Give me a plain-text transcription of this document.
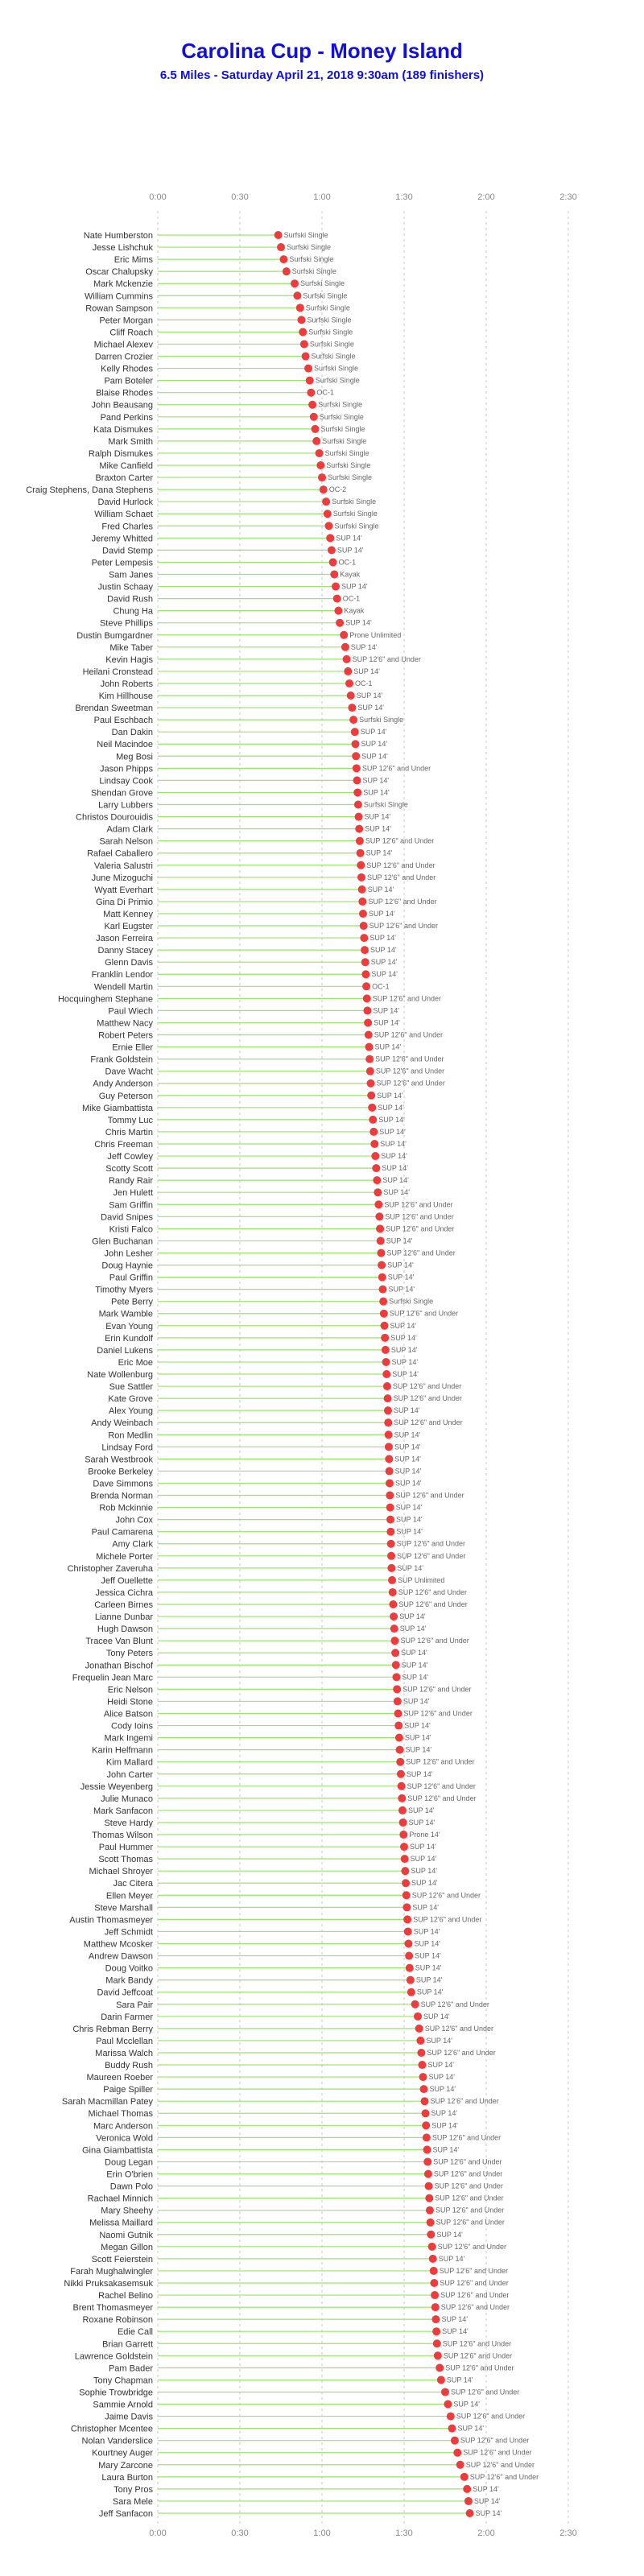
Carolina Cup - Money Island
6.5 Miles - Saturday April 21, 2018 9:30am (189 finishers)
0:00	0:30	1:00	1:30	2:00	2:30
0:00	0:30	1:00	1:30	2:00	2:30
Nate Humberston	Surfski Single
Jesse Lishchuk	Surfski Single
Eric Mims	Surfski Single
Oscar Chalupsky	Surfski Single
Mark Mckenzie	Surfski Single
William Cummins	Surfski Single
Rowan Sampson	Surfski Single
Peter Morgan	Surfski Single
Cliff Roach	Surfski Single
Michael Alexev	Surfski Single
Darren Crozier	Surfski Single
Kelly Rhodes	Surfski Single
Pam Boteler	Surfski Single
Blaise Rhodes	OC-1
John Beausang	Surfski Single
Pand Perkins	Surfski Single
Kata Dismukes	Surfski Single
Mark Smith	Surfski Single
Ralph Dismukes	Surfski Single
Mike Canfield	Surfski Single
Braxton Carter	Surfski Single
Craig Stephens, Dana Stephens	OC-2
David Hurlock	Surfski Single
William Schaet	Surfski Single
Fred Charles	Surfski Single
Jeremy Whitted	SUP 14'
David Stemp	SUP 14'
Peter Lempesis	OC-1
Sam Janes	Kayak
Justin Schaay	SUP 14'
David Rush	OC-1
Chung Ha	Kayak
Steve Phillips	SUP 14'
Dustin Bumgardner	Prone Unlimited
Mike Taber	SUP 14'
Kevin Hagis	SUP 12'6" and Under
Heilani Cronstead	SUP 14'
John Roberts	OC-1
Kim Hillhouse	SUP 14'
Brendan Sweetman	SUP 14'
Paul Eschbach	Surfski Single
Dan Dakin	SUP 14'
Neil Macindoe	SUP 14'
Meg Bosi	SUP 14'
Jason Phipps	SUP 12'6" and Under
Lindsay Cook	SUP 14'
Shendan Grove	SUP 14'
Larry Lubbers	Surfski Single
Christos Dourouidis	SUP 14'
Adam Clark	SUP 14'
Sarah Nelson	SUP 12'6" and Under
Rafael Caballero	SUP 14'
Valeria Salustri	SUP 12'6" and Under
June Mizoguchi	SUP 12'6" and Under
Wyatt Everhart	SUP 14'
Gina Di Primio	SUP 12'6" and Under
Matt Kenney	SUP 14'
Karl Eugster	SUP 12'6" and Under
Jason Ferreira	SUP 14'
Danny Stacey	SUP 14'
Glenn Davis	SUP 14'
Franklin Lendor	SUP 14'
Wendell Martin	OC-1
Hocquinghem Stephane	SUP 12'6" and Under
Paul Wiech	SUP 14'
Matthew Nacy	SUP 14'
Robert Peters	SUP 12'6" and Under
Ernie Eller	SUP 14'
Frank Goldstein	SUP 12'6" and Under
Dave Wacht	SUP 12'6" and Under
Andy Anderson	SUP 12'6" and Under
Guy Peterson	SUP 14'
Mike Giambattista	SUP 14'
Tommy Luc	SUP 14'
Chris Martin	SUP 14'
Chris Freeman	SUP 14'
Jeff Cowley	SUP 14'
Scotty Scott	SUP 14'
Randy Rair	SUP 14'
Jen Hulett	SUP 14'
Sam Griffin	SUP 12'6" and Under
David Snipes	SUP 12'6" and Under
Kristi Falco	SUP 12'6" and Under
Glen Buchanan	SUP 14'
John Lesher	SUP 12'6" and Under
Doug Haynie	SUP 14'
Paul Griffin	SUP 14'
Timothy Myers	SUP 14'
Pete Berry	Surfski Single
Mark Wamble	SUP 12'6" and Under
Evan Young	SUP 14'
Erin Kundolf	SUP 14'
Daniel Lukens	SUP 14'
Eric Moe	SUP 14'
Nate Wollenburg	SUP 14'
Sue Sattler	SUP 12'6" and Under
Kate Grove	SUP 12'6" and Under
Alex Young	SUP 14'
Andy Weinbach	SUP 12'6" and Under
Ron Medlin	SUP 14'
Lindsay Ford	SUP 14'
Sarah Westbrook	SUP 14'
Brooke Berkeley	SUP 14'
Dave Simmons	SUP 14'
Brenda Norman	SUP 12'6" and Under
Rob Mckinnie	SUP 14'
John Cox	SUP 14'
Paul Camarena	SUP 14'
Amy Clark	SUP 12'6" and Under
Michele Porter	SUP 12'6" and Under
Christopher Zaveruha	SUP 14'
Jeff Ouellette	SUP Unlimited
Jessica Cichra	SUP 12'6" and Under
Carleen Birnes	SUP 12'6" and Under
Lianne Dunbar	SUP 14'
Hugh Dawson	SUP 14'
Tracee Van Blunt	SUP 12'6" and Under
Tony Peters	SUP 14'
Jonathan Bischof	SUP 14'
Frequelin Jean Marc	SUP 14'
Eric Nelson	SUP 12'6" and Under
Heidi Stone	SUP 14'
Alice Batson	SUP 12'6" and Under
Cody Ioins	SUP 14'
Mark Ingemi	SUP 14'
Karin Helfmann	SUP 14'
Kim Mallard	SUP 12'6" and Under
John Carter	SUP 14'
Jessie Weyenberg	SUP 12'6" and Under
Julie Munaco	SUP 12'6" and Under
Mark Sanfacon	SUP 14'
Steve Hardy	SUP 14'
Thomas Wilson	Prone 14'
Paul Hummer	SUP 14'
Scott Thomas	SUP 14'
Michael Shroyer	SUP 14'
Jac Citera	SUP 14'
Ellen Meyer	SUP 12'6" and Under
Steve Marshall	SUP 14'
Austin Thomasmeyer	SUP 12'6" and Under
Jeff Schmidt	SUP 14'
Matthew Mcosker	SUP 14'
Andrew Dawson	SUP 14'
Doug Voitko	SUP 14'
Mark Bandy	SUP 14'
David Jeffcoat	SUP 14'
Sara Pair	SUP 12'6" and Under
Darin Farmer	SUP 14'
Chris Rebman Berry	SUP 12'6" and Under
Paul Mcclellan	SUP 14'
Marissa Walch	SUP 12'6" and Under
Buddy Rush	SUP 14'
Maureen Roeber	SUP 14'
Paige Spiller	SUP 14'
Sarah Macmillan Patey	SUP 12'6" and Under
Michael Thomas	SUP 14'
Marc Anderson	SUP 14'
Veronica Wold	SUP 12'6" and Under
Gina Giambattista	SUP 14'
Doug Legan	SUP 12'6" and Under
Erin O'brien	SUP 12'6" and Under
Dawn Polo	SUP 12'6" and Under
Rachael Minnich	SUP 12'6" and Under
Mary Sheehy	SUP 12'6" and Under
Melissa Maillard	SUP 12'6" and Under
Naomi Gutnik	SUP 14'
Megan Gillon	SUP 12'6" and Under
Scott Feierstein	SUP 14'
Farah Mughalwingler	SUP 12'6" and Under
Nikki Pruksakasemsuk	SUP 12'6" and Under
Rachel Belino	SUP 12'6" and Under
Brent Thomasmeyer	SUP 12'6" and Under
Roxane Robinson	SUP 14'
Edie Call	SUP 14'
Brian Garrett	SUP 12'6" and Under
Lawrence Goldstein	SUP 12'6" and Under
Pam Bader	SUP 12'6" and Under
Tony Chapman	SUP 14'
Sophie Trowbridge	SUP 12'6" and Under
Sammie Arnold	SUP 14'
Jaime Davis	SUP 12'6" and Under
Christopher Mcentee	SUP 14'
Nolan Vanderslice	SUP 12'6" and Under
Kourtney Auger	SUP 12'6" and Under
Mary Zarcone	SUP 12'6" and Under
Laura Burton	SUP 12'6" and Under
Tony Pros	SUP 14'
Sara Mele	SUP 14'
Jeff Sanfacon	SUP 14'
